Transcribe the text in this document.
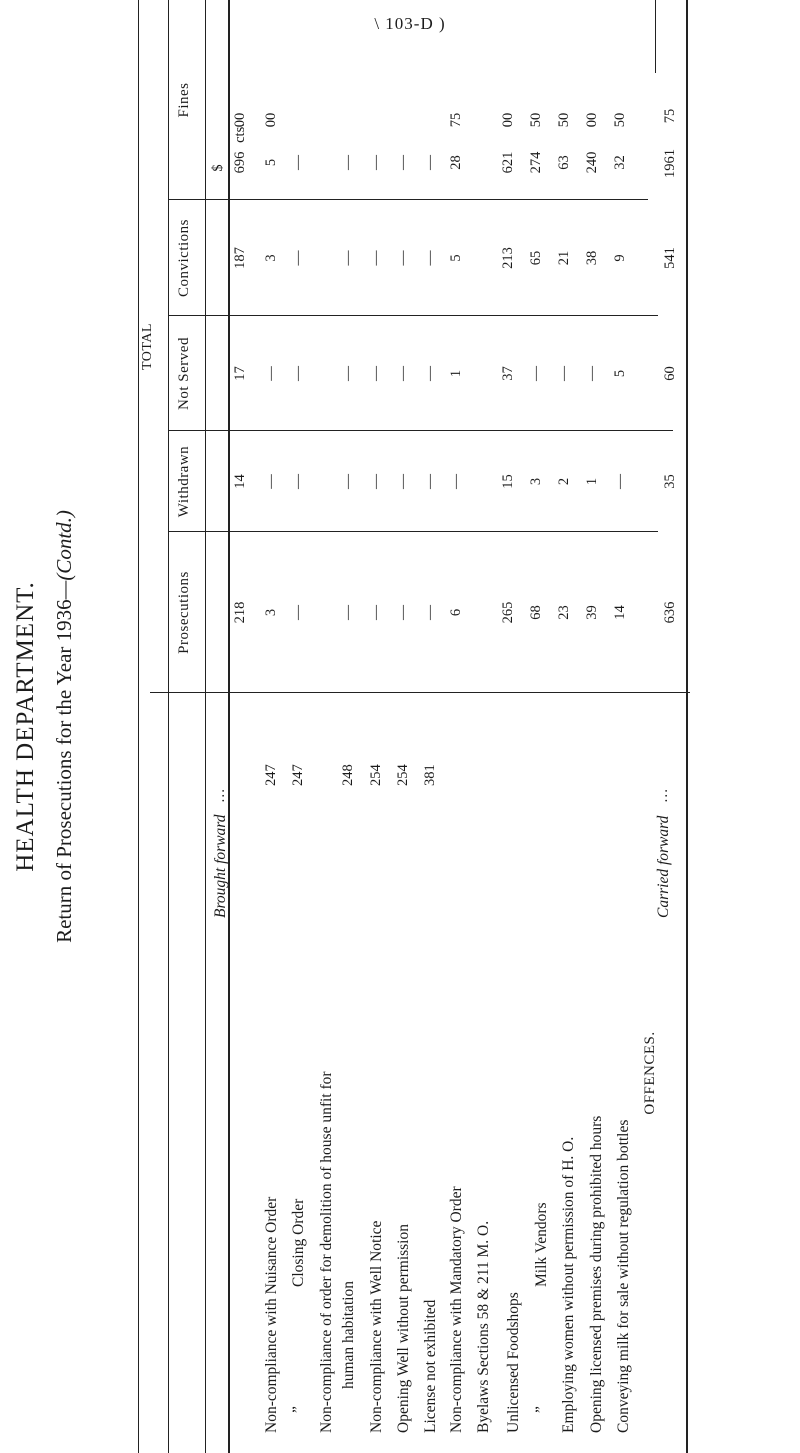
\ 103-D )
HEALTH DEPARTMENT. Return of Prosecutions for the Year 1936—(Contd.)
OFFENCES.
TOTAL
Prosecutions
Withdrawn
Not Served
Convictions
Fines
$
cts.
Brought forward
…
218
14
17
187
696
00
Non-compliance with Nuisance Order
247
3
—
—
3
5
00
”
Closing Order
247
—
—
—
—
—
Non-compliance of order for demolition of house unfit for human habitation
248
—
—
—
—
—
Non-compliance with Well Notice
254
—
—
—
—
—
Opening Well without permission
254
—
—
—
—
—
License not exhibited
381
—
—
—
—
—
Non-compliance with Mandatory Order
6
—
1
5
28
75
Byelaws Sections 58 & 211 M. O.
265
15
37
213
621
00
Unlicensed Foodshops
68
3
—
65
274
50
”
Milk Vendors
23
2
—
21
63
50
Employing women without permission of H. O.
39
1
—
38
240
00
Opening licensed premises during prohibited hours
14
—
5
9
32
50
Conveying milk for sale without regulation bottles
Carried forward
…
636
35
60
541
1961
75
